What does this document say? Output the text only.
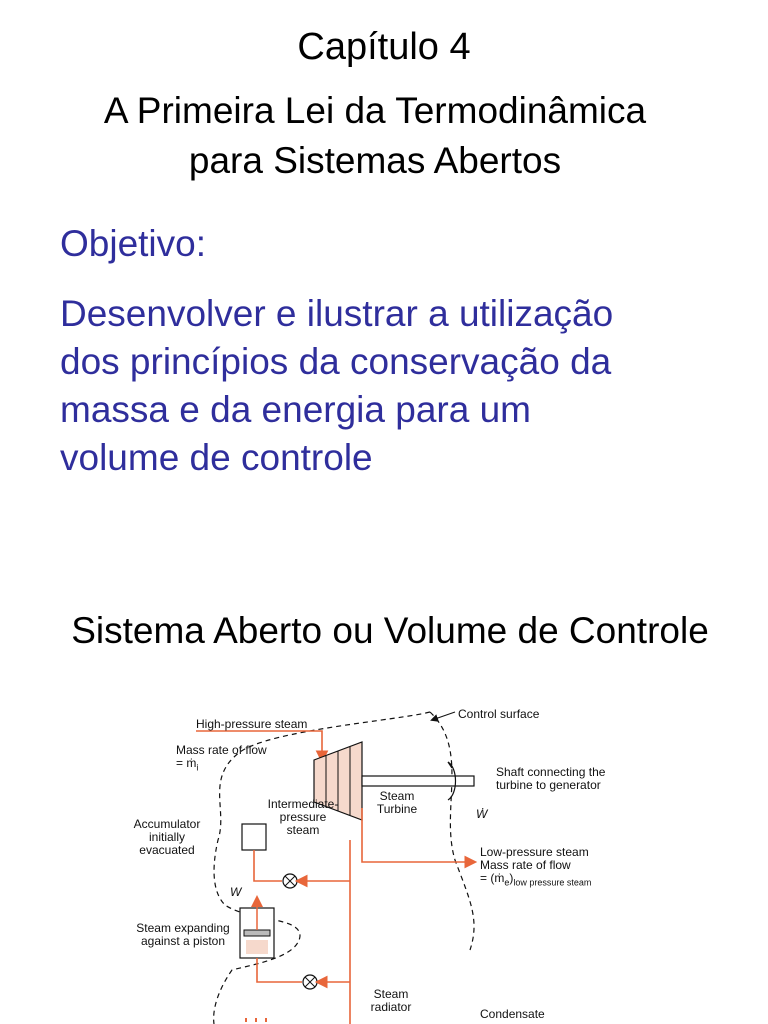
Capítulo 4
A Primeira Lei da Termodinâmica
para Sistemas Abertos
Objetivo:
Desenvolver e ilustrar a utilização
dos princípios da conservação da
massa e da energia para um
volume de controle
Sistema Aberto ou Volume de Controle
Control surface
High-pressure steam
Mass rate of flow
= ṁ$_i$
Intermediate-
pressure
steam
Steam
Turbine
Shaft connecting the
turbine to generator
Ẇ
Accumulator
initially
evacuated	Low-pressure steam
Mass rate of flow
= $(ṁ_e)_{low pressure steam}$
W
Steam expanding
against a piston
Steam
radiator	Condensate
